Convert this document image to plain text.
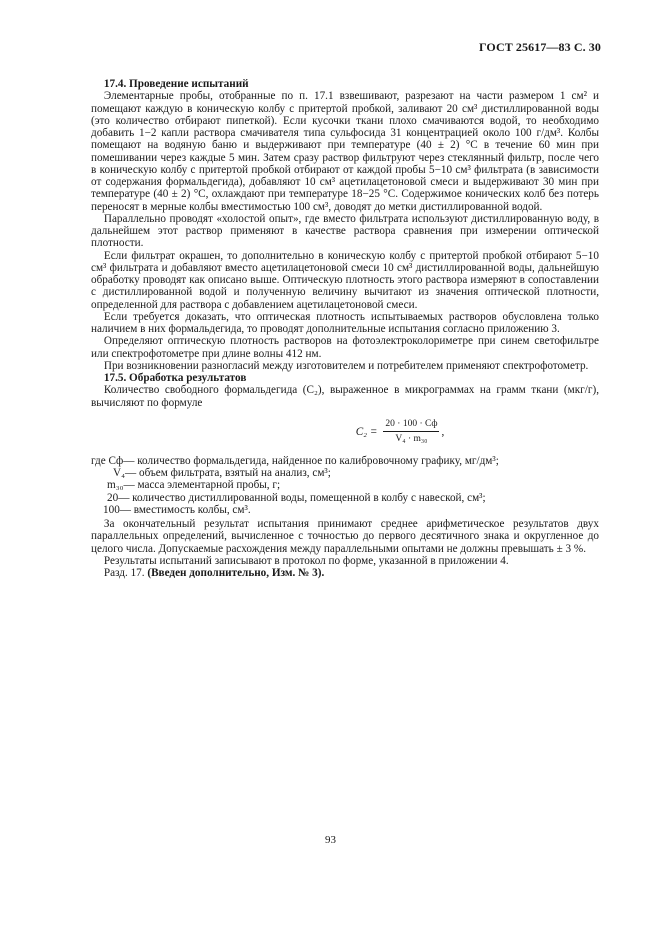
ГОСТ 25617—83 С. 30

17.4. Проведение испытаний

Элементарные пробы, отобранные по п. 17.1 взвешивают, разрезают на части размером 1 см² и помещают каждую в коническую колбу с притертой пробкой, заливают 20 см³ дистиллированной воды (это количество отбирают пипеткой). Если кусочки ткани плохо смачиваются водой, то необходимо добавить 1−2 капли раствора смачивателя типа сульфосида 31 концентрацией около 100 г/дм³. Колбы помещают на водяную баню и выдерживают при температуре (40 ± 2) °С в течение 60 мин при помешивании через каждые 5 мин. Затем сразу раствор фильтруют через стеклянный фильтр, после чего в коническую колбу с притертой пробкой отбирают от каждой пробы 5−10 см³ фильтрата (в зависимости от содержания формальдегида), добавляют 10 см³ ацетилацетоновой смеси и выдерживают 30 мин при температуре (40 ± 2) °С, охлаждают при температуре 18−25 °С. Содержимое конических колб без потерь переносят в мерные колбы вместимостью 100 см³, доводят до метки дистиллированной водой.

Параллельно проводят «холостой опыт», где вместо фильтрата используют дистиллированную воду, в дальнейшем этот раствор применяют в качестве раствора сравнения при измерении оптической плотности.

Если фильтрат окрашен, то дополнительно в коническую колбу с притертой пробкой отбирают 5−10 см³ фильтрата и добавляют вместо ацетилацетоновой смеси 10 см³ дистиллированной воды, дальнейшую обработку проводят как описано выше. Оптическую плотность этого раствора измеряют в сопоставлении с дистиллированной водой и полученную величину вычитают из значения оптической плотности, определенной для раствора с добавлением ацетилацетоновой смеси.

Если требуется доказать, что оптическая плотность испытываемых растворов обусловлена только наличием в них формальдегида, то проводят дополнительные испытания согласно приложению 3.

Определяют оптическую плотность растворов на фотоэлектроколориметре при синем светофильтре или спектрофотометре при длине волны 412 нм.

При возникновении разногласий между изготовителем и потребителем применяют спектрофотометр.

17.5. Обработка результатов

Количество свободного формальдегида (C₂), выраженное в микрограммах на грамм ткани (мкг/г), вычисляют по формуле

$C_2 = \frac{20 \cdot 100 \cdot Cф}{\text{V₄ · m₃₀}}$ ,
где Cф — количество формальдегида, найденное по калибровочному графику, мг/дм³;
V₄ — объем фильтрата, взятый на анализ, см³;
m₃₀ — масса элементарной пробы, г;
20 — количество дистиллированной воды, помещенной в колбу с навеской, см³;
100 — вместимость колбы, см³.

За окончательный результат испытания принимают среднее арифметическое результатов двух параллельных определений, вычисленное с точностью до первого десятичного знака и округленное до целого числа. Допускаемые расхождения между параллельными опытами не должны превышать ± 3 %.

Результаты испытаний записывают в протокол по форме, указанной в приложении 4.

Разд. 17. (Введен дополнительно, Изм. № 3).

93
